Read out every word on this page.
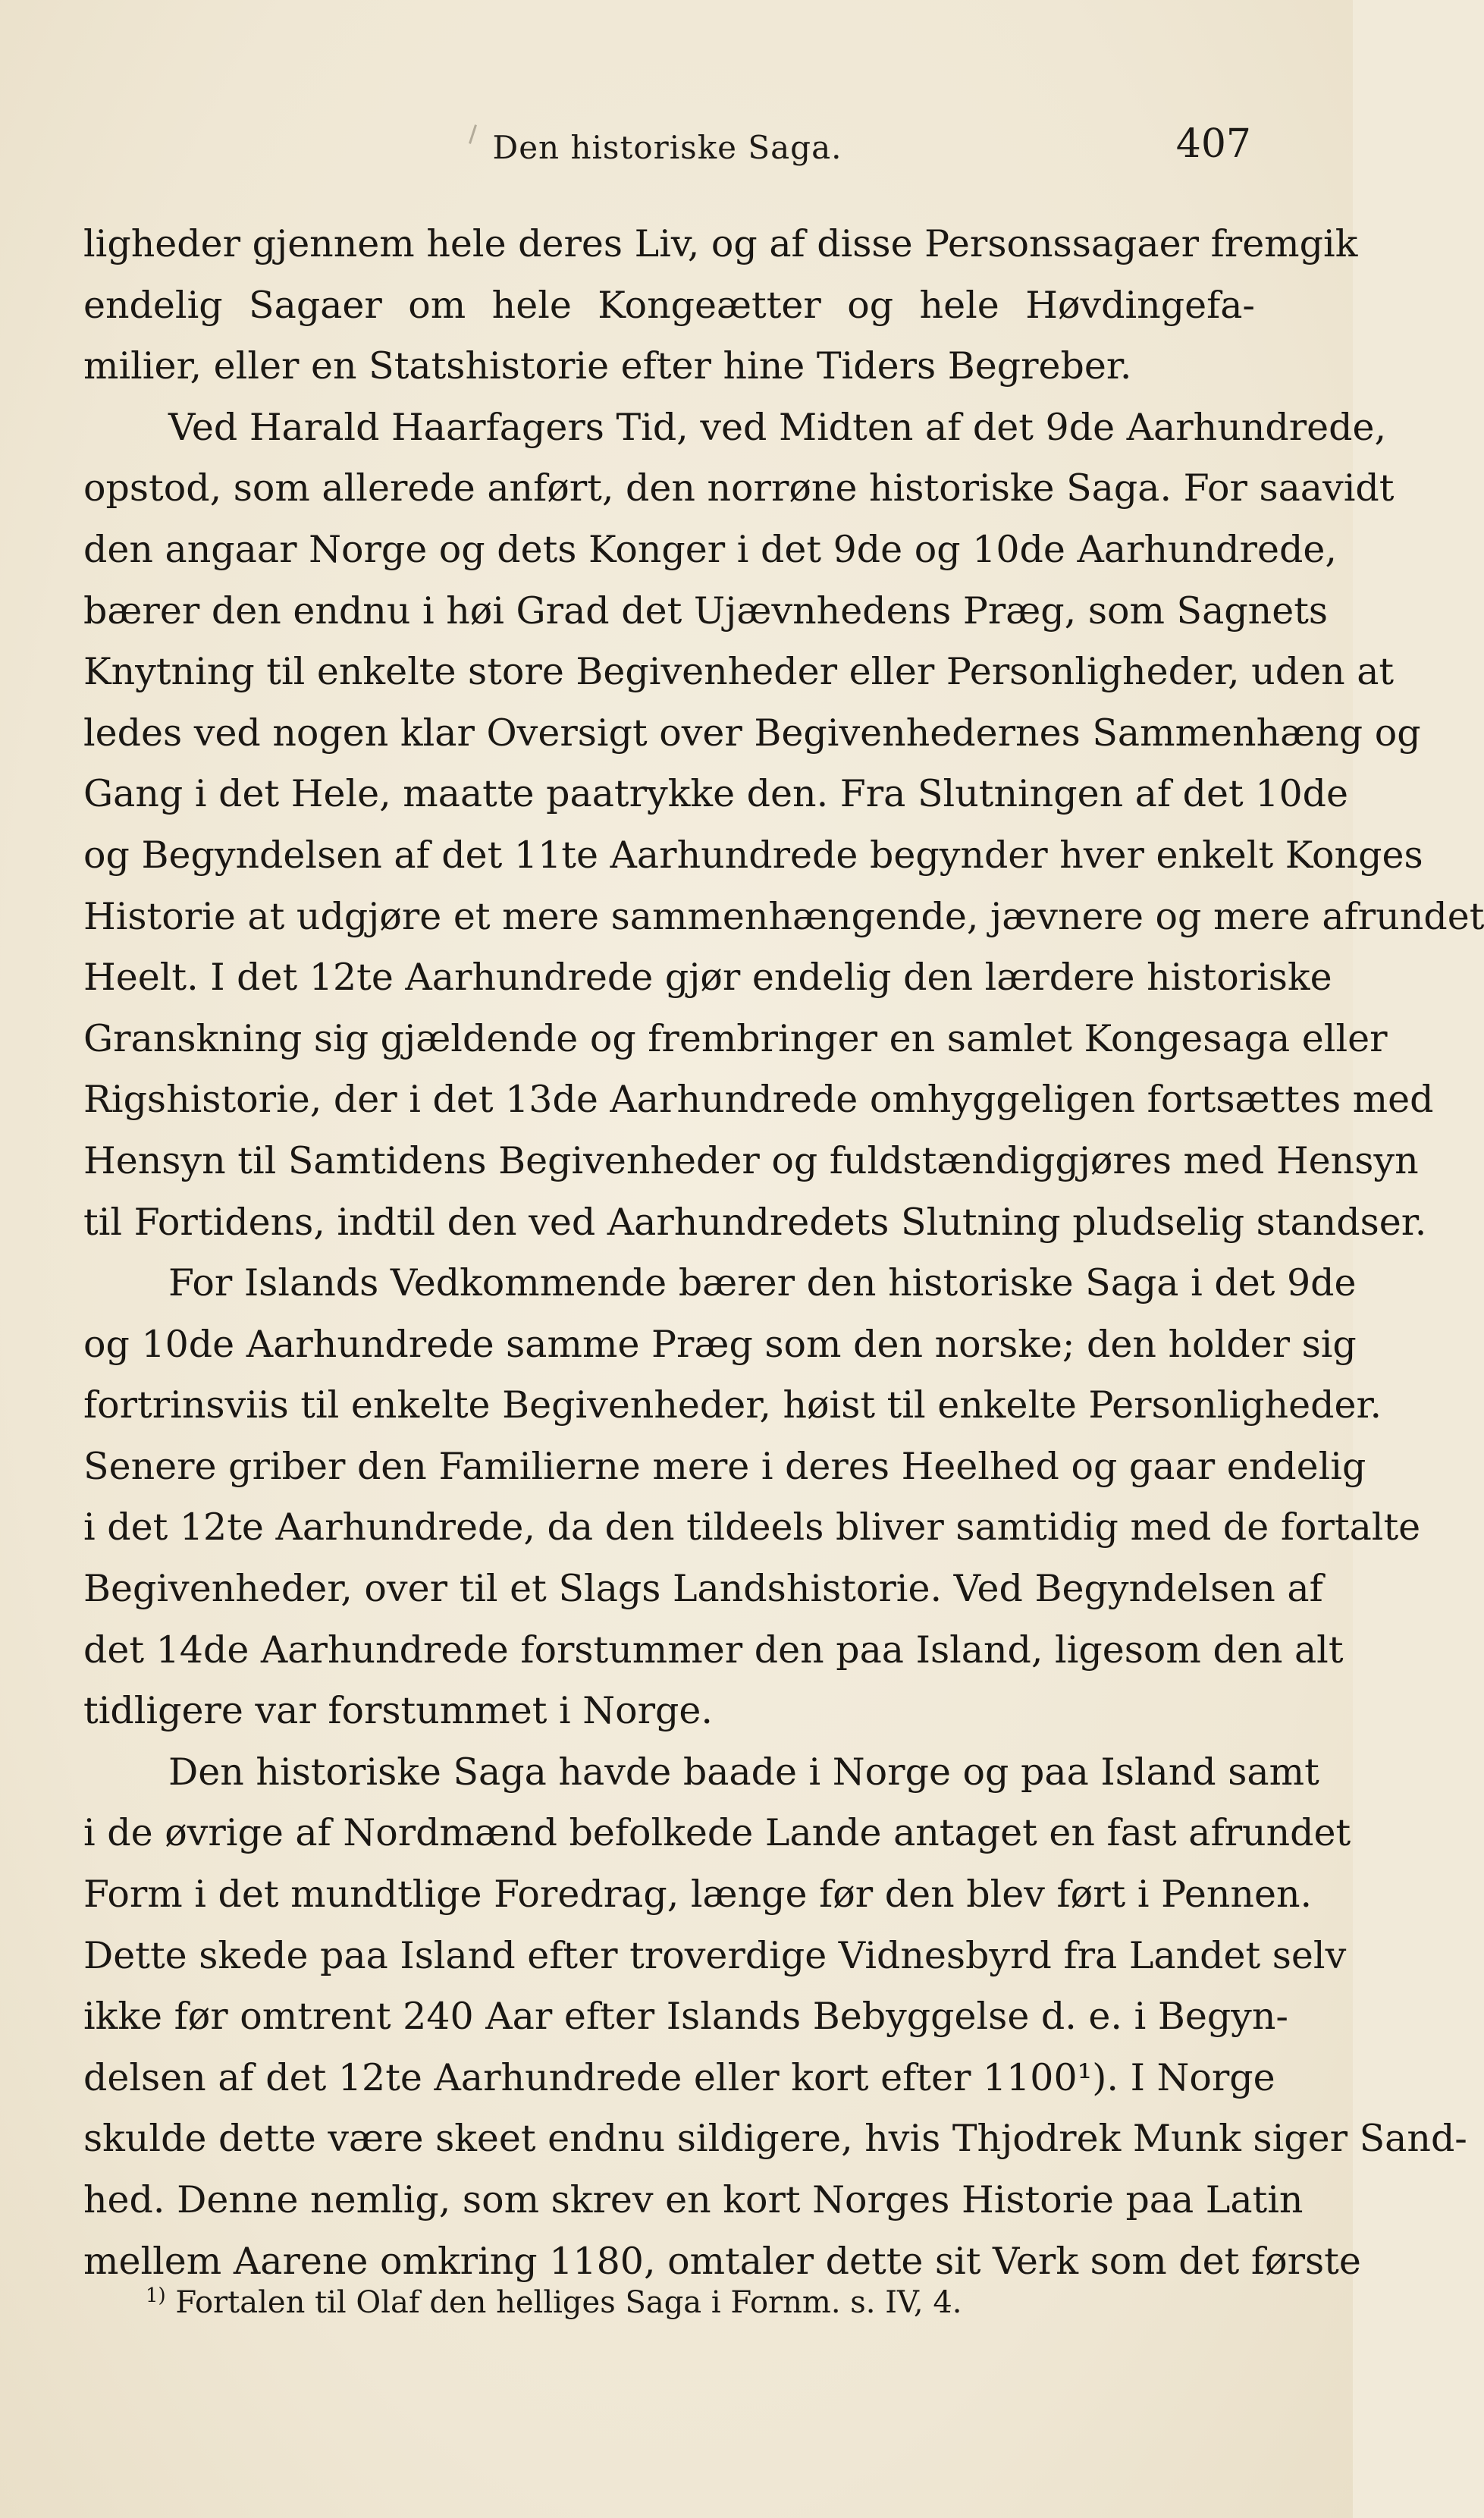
Den historiske Saga.	407
ligheder gjennem hele deres Liv, og af disse Personssagaer fremgik
endelig Sagaer om hele Kongeætter og hele Høvdingefa-
milier, eller en Statshistorie efter hine Tiders Begreber.
Ved Harald Haarfagers Tid, ved Midten af det 9de Aarhundrede,
opstod, som allerede anført, den norrøne historiske Saga. For saavidt
den angaar Norge og dets Konger i det 9de og 10de Aarhundrede,
bærer den endnu i høi Grad det Ujævnhedens Præg, som Sagnets
Knytning til enkelte store Begivenheder eller Personligheder, uden at
ledes ved nogen klar Oversigt over Begivenhedernes Sammenhæng og
Gang i det Hele, maatte paatrykke den. Fra Slutningen af det 10de
og Begyndelsen af det 11te Aarhundrede begynder hver enkelt Konges
Historie at udgjøre et mere sammenhængende, jævnere og mere afrundet
Heelt. I det 12te Aarhundrede gjør endelig den lærdere historiske
Granskning sig gjældende og frembringer en samlet Kongesaga eller
Rigshistorie, der i det 13de Aarhundrede omhyggeligen fortsættes med
Hensyn til Samtidens Begivenheder og fuldstændiggjøres med Hensyn
til Fortidens, indtil den ved Aarhundredets Slutning pludselig standser.
For Islands Vedkommende bærer den historiske Saga i det 9de
og 10de Aarhundrede samme Præg som den norske; den holder sig
fortrinsviis til enkelte Begivenheder, høist til enkelte Personligheder.
Senere griber den Familierne mere i deres Heelhed og gaar endelig
i det 12te Aarhundrede, da den tildeels bliver samtidig med de fortalte
Begivenheder, over til et Slags Landshistorie. Ved Begyndelsen af
det 14de Aarhundrede forstummer den paa Island, ligesom den alt
tidligere var forstummet i Norge.
Den historiske Saga havde baade i Norge og paa Island samt
i de øvrige af Nordmænd befolkede Lande antaget en fast afrundet
Form i det mundtlige Foredrag, længe før den blev ført i Pennen.
Dette skede paa Island efter troverdige Vidnesbyrd fra Landet selv
ikke før omtrent 240 Aar efter Islands Bebyggelse d. e. i Begyn-
delsen af det 12te Aarhundrede eller kort efter 1100¹). I Norge
skulde dette være skeet endnu sildigere, hvis Thjodrek Munk siger Sand-
hed. Denne nemlig, som skrev en kort Norges Historie paa Latin
mellem Aarene omkring 1180, omtaler dette sit Verk som det første
$^{1)}$ Fortalen til Olaf den helliges Saga i Fornm. s. IV, 4.
